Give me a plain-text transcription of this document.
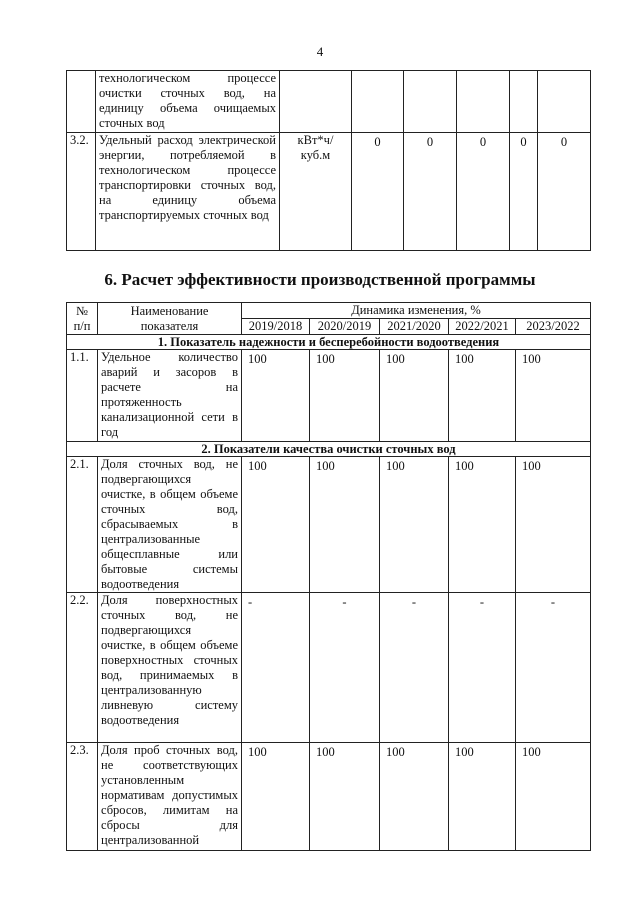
4
	технологическом процессе очистки сточных вод, на единицу объема очищаемых сточных вод						
3.2.	Удельный расход электрической энергии, потребляемой в технологическом процессе транспортировки сточных вод, на единицу объема транспортируемых сточных вод	кВт*ч/ куб.м	0	0	0	0	0
6. Расчет эффективности производственной программы
№ п/п	Наименование показателя	Динамика изменения, %				
		2019/2018	2020/2019	2021/2020	2022/2021	2023/2022
1. Показатель надежности и бесперебойности водоотведения						
1.1.	Удельное количество аварий и засоров в расчете на протяженность канализационной сети в год	100	100	100	100	100
2. Показатели качества очистки сточных вод						
2.1.	Доля сточных вод, не подвергающихся очистке, в общем объеме сточных вод, сбрасываемых в централизованные общесплавные или бытовые системы водоотведения	100	100	100	100	100
2.2.	Доля поверхностных сточных вод, не подвергающихся очистке, в общем объеме поверхностных сточных вод, принимаемых в централизованную ливневую систему водоотведения	-	-	-	-	-
2.3.	Доля проб сточных вод, не соответствующих установленным нормативам допустимых сбросов, лимитам на сбросы для централизованной	100	100	100	100	100
